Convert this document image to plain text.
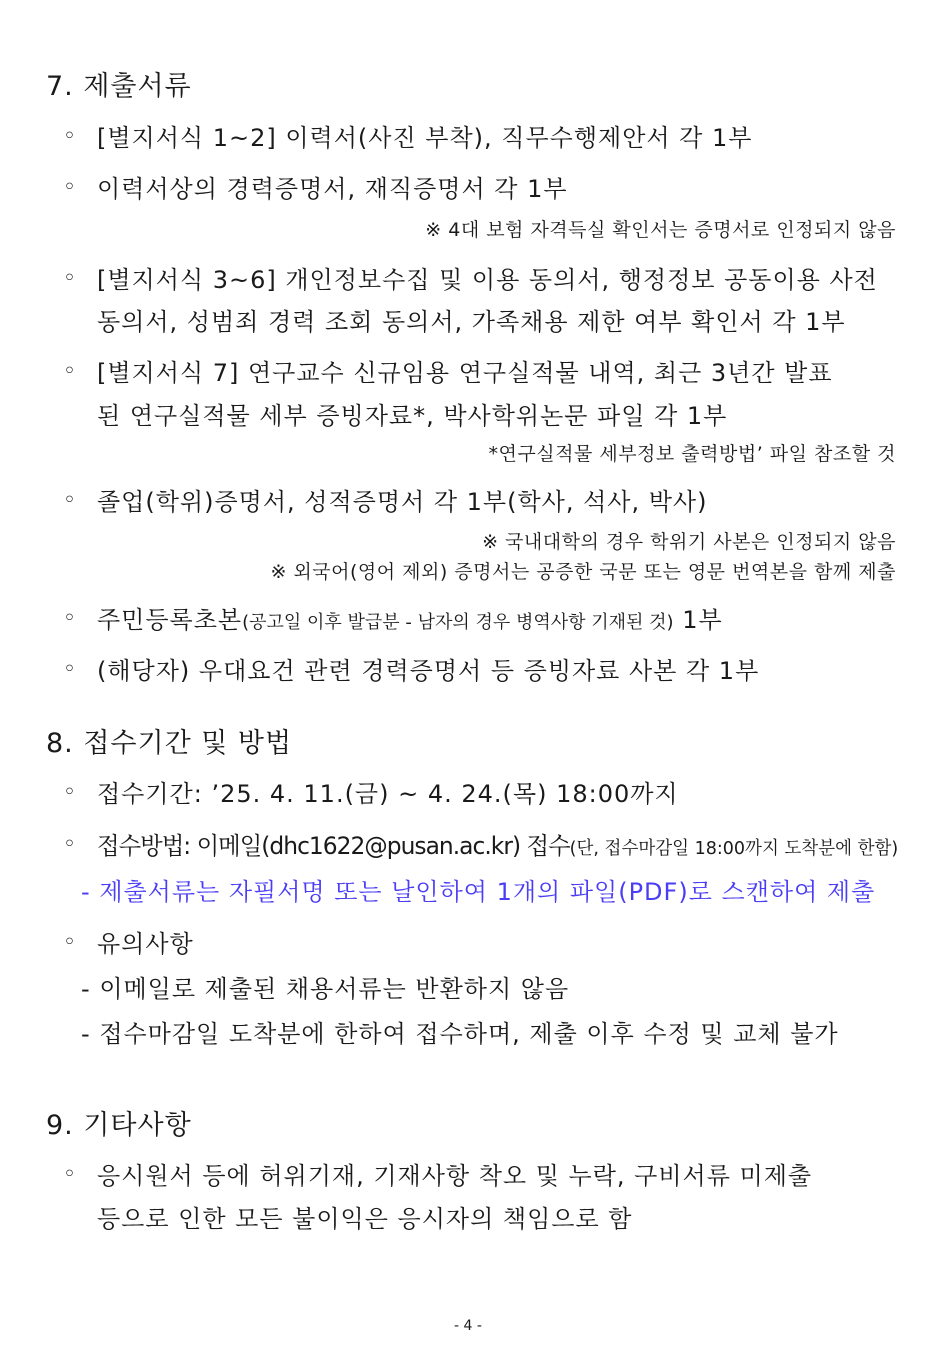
7. 제출서류
◦ [별지서식 1~2] 이력서(사진 부착), 직무수행제안서 각 1부
◦ 이력서상의 경력증명서, 재직증명서 각 1부
※ 4대 보험 자격득실 확인서는 증명서로 인정되지 않음
◦ [별지서식 3~6] 개인정보수집 및 이용 동의서, 행정정보 공동이용 사전
동의서, 성범죄 경력 조회 동의서, 가족채용 제한 여부 확인서 각 1부
◦ [별지서식 7] 연구교수 신규임용 연구실적물 내역, 최근 3년간 발표
된 연구실적물 세부 증빙자료*, 박사학위논문 파일 각 1부
*연구실적물 세부정보 출력방법’ 파일 참조할 것
◦ 졸업(학위)증명서, 성적증명서 각 1부(학사, 석사, 박사)
※ 국내대학의 경우 학위기 사본은 인정되지 않음
※ 외국어(영어 제외) 증명서는 공증한 국문 또는 영문 번역본을 함께 제출
◦ 주민등록초본(공고일 이후 발급분 - 남자의 경우 병역사항 기재된 것) 1부
◦ (해당자) 우대요건 관련 경력증명서 등 증빙자료 사본 각 1부
8. 접수기간 및 방법
◦ 접수기간: ’25. 4. 11.(금) ~ 4. 24.(목) 18:00까지
◦ 접수방법: 이메일(dhc1622@pusan.ac.kr) 접수(단, 접수마감일 18:00까지 도착분에 한함)
- 제출서류는 자필서명 또는 날인하여 1개의 파일(PDF)로 스캔하여 제출
◦ 유의사항
- 이메일로 제출된 채용서류는 반환하지 않음
- 접수마감일 도착분에 한하여 접수하며, 제출 이후 수정 및 교체 불가
9. 기타사항
◦ 응시원서 등에 허위기재, 기재사항 착오 및 누락, 구비서류 미제출
등으로 인한 모든 불이익은 응시자의 책임으로 함
- 4 -
